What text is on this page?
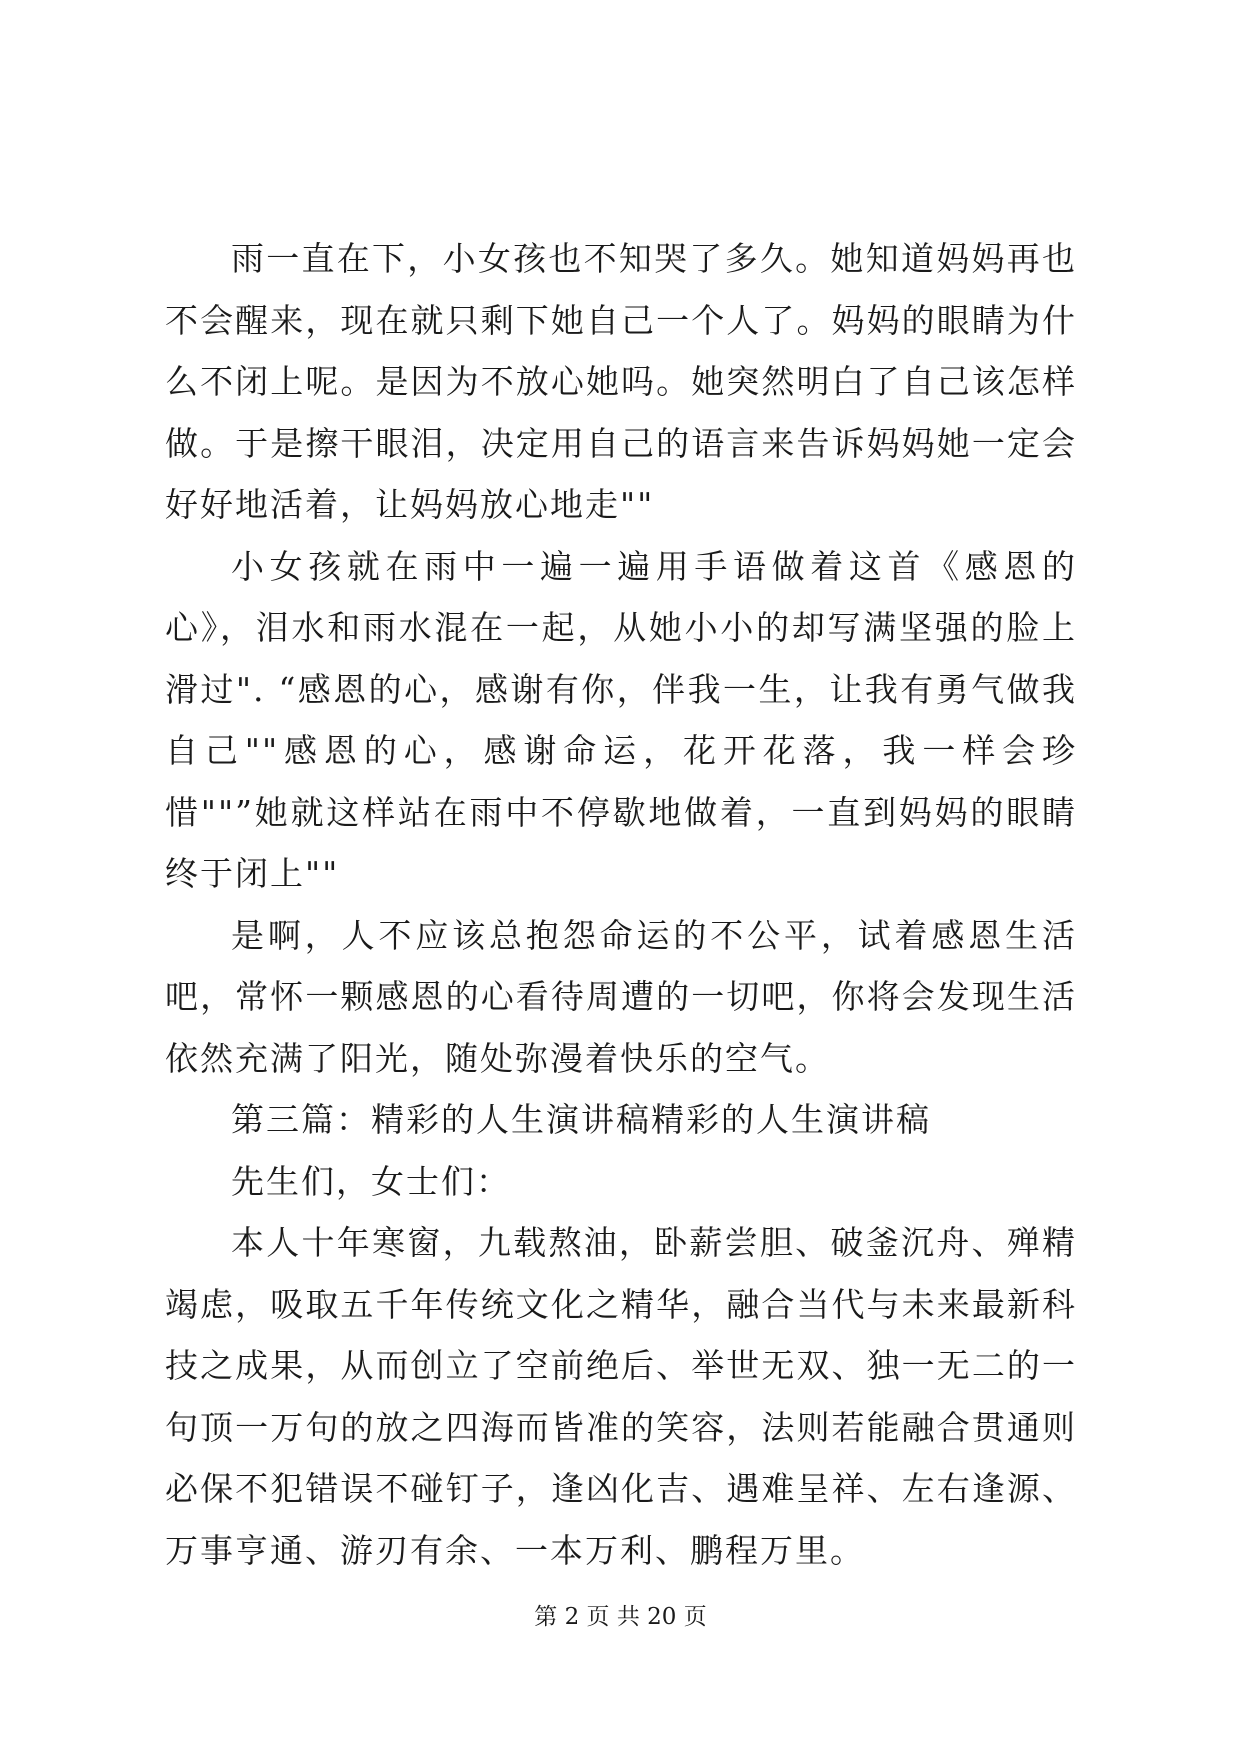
雨一直在下，小女孩也不知哭了多久。她知道妈妈再也不会醒来，现在就只剩下她自己一个人了。妈妈的眼睛为什么不闭上呢。是因为不放心她吗。她突然明白了自己该怎样做。于是擦干眼泪，决定用自己的语言来告诉妈妈她一定会好好地活着，让妈妈放心地走""

小女孩就在雨中一遍一遍用手语做着这首《感恩的心》，泪水和雨水混在一起，从她小小的却写满坚强的脸上滑过". “感恩的心，感谢有你，伴我一生，让我有勇气做我自己""感恩的心，感谢命运，花开花落，我一样会珍惜""”她就这样站在雨中不停歇地做着，一直到妈妈的眼睛终于闭上""

是啊，人不应该总抱怨命运的不公平，试着感恩生活吧，常怀一颗感恩的心看待周遭的一切吧，你将会发现生活依然充满了阳光，随处弥漫着快乐的空气。

第三篇：精彩的人生演讲稿精彩的人生演讲稿

先生们，女士们：

本人十年寒窗，九载熬油，卧薪尝胆、破釜沉舟、殚精竭虑，吸取五千年传统文化之精华，融合当代与未来最新科技之成果，从而创立了空前绝后、举世无双、独一无二的一句顶一万句的放之四海而皆准的笑容，法则若能融合贯通则必保不犯错误不碰钉子，逢凶化吉、遇难呈祥、左右逢源、万事亨通、游刃有余、一本万利、鹏程万里。

第 2 页 共 20 页
